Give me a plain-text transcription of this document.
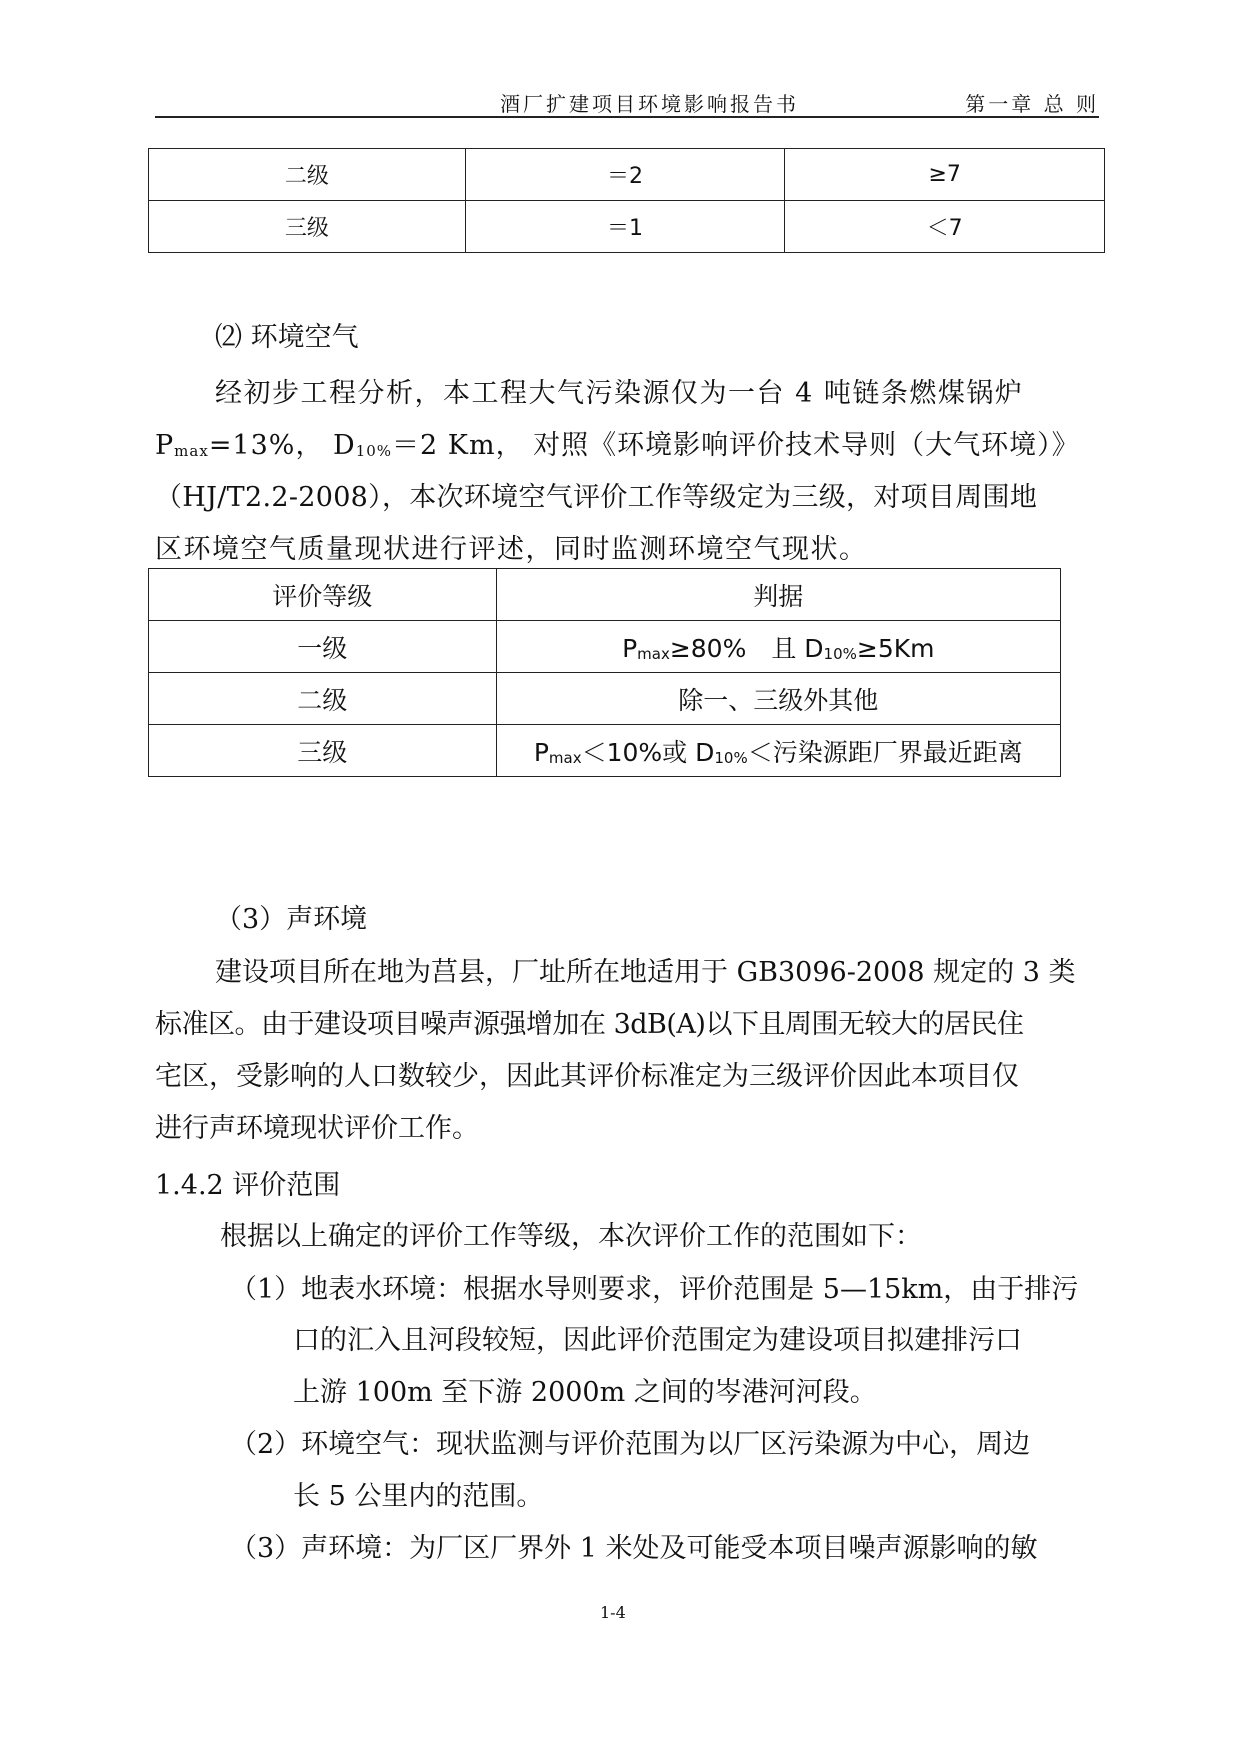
酒厂扩建项目环境影响报告书	第一章 总 则
二级	＝2	≥7
三级	＝1	＜7
⑵ 环境空气
经初步工程分析，本工程大气污染源仅为一台 4 吨链条燃煤锅炉
$P_{max}=13\%$， $D_{10\%}=2$ Km， 对照《环境影响评价技术导则（大气环境）》
（HJ/T2.2-2008），本次环境空气评价工作等级定为三级，对项目周围地
区环境空气质量现状进行评述，同时监测环境空气现状。
评价等级	判据
一级	$P_{max}\ge 80\%$　且 $D_{10\%}\ge 5Km$
二级	除一、三级外其他
三级	$P_{max}<10\%$或 $D_{10\%}<$污染源距厂界最近距离
（3）声环境
建设项目所在地为莒县，厂址所在地适用于 GB3096-2008 规定的 3 类
标准区。由于建设项目噪声源强增加在 3dB(A)以下且周围无较大的居民住
宅区，受影响的人口数较少，因此其评价标准定为三级评价因此本项目仅
进行声环境现状评价工作。
1.4.2 评价范围
根据以上确定的评价工作等级，本次评价工作的范围如下：
（1）地表水环境：根据水导则要求，评价范围是 5—15km，由于排污
口的汇入且河段较短，因此评价范围定为建设项目拟建排污口
上游 100m 至下游 2000m 之间的岑港河河段。
（2）环境空气：现状监测与评价范围为以厂区污染源为中心，周边
长 5 公里内的范围。
（3）声环境：为厂区厂界外 1 米处及可能受本项目噪声源影响的敏
1-4
